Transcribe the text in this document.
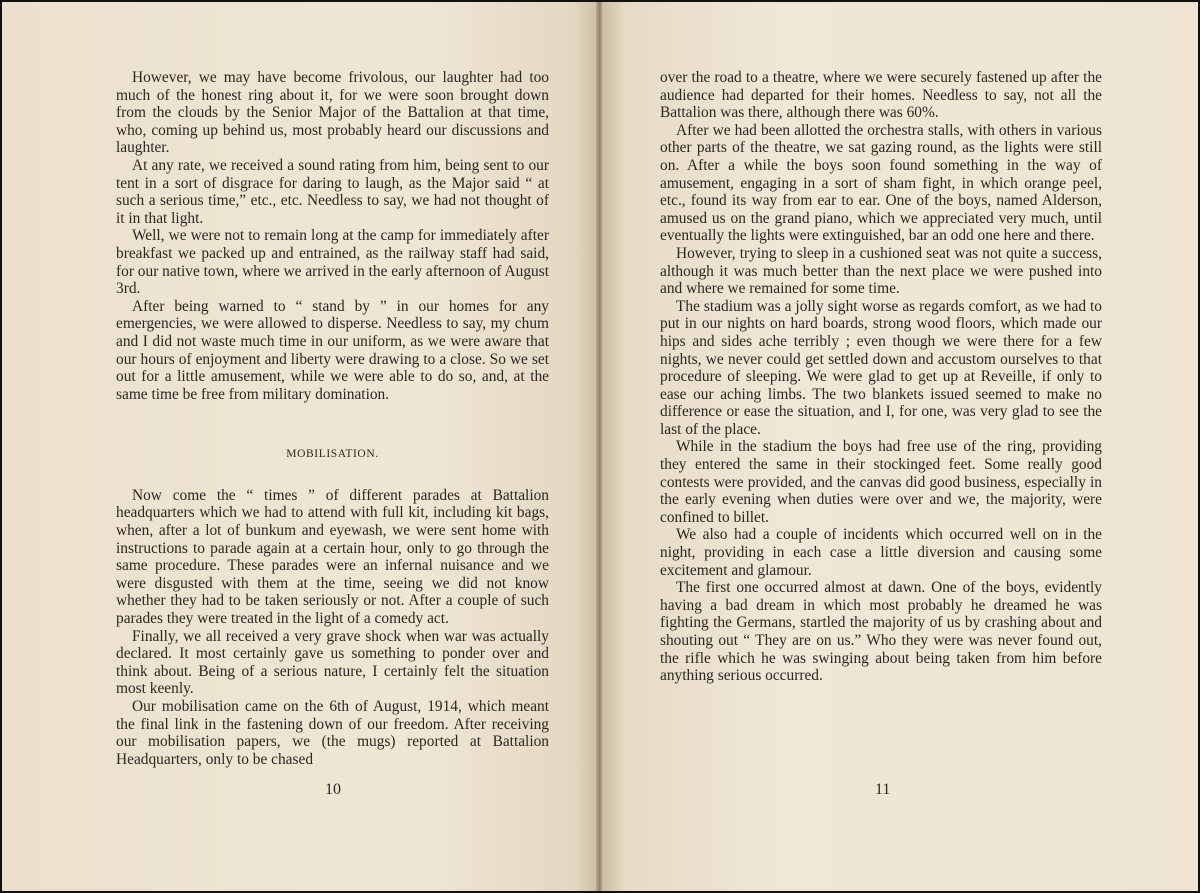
However, we may have become frivolous, our laughter had too much of the honest ring about it, for we were soon brought down from the clouds by the Senior Major of the Battalion at that time, who, coming up behind us, most probably heard our discussions and laughter.

At any rate, we received a sound rating from him, being sent to our tent in a sort of disgrace for daring to laugh, as the Major said “ at such a serious time,” etc., etc. Needless to say, we had not thought of it in that light.

Well, we were not to remain long at the camp for immediately after breakfast we packed up and entrained, as the railway staff had said, for our native town, where we arrived in the early afternoon of August 3rd.

After being warned to “ stand by ” in our homes for any emergencies, we were allowed to disperse. Needless to say, my chum and I did not waste much time in our uniform, as we were aware that our hours of enjoyment and liberty were drawing to a close. So we set out for a little amusement, while we were able to do so, and, at the same time be free from military domination.

MOBILISATION.

Now come the “ times ” of different parades at Battalion headquarters which we had to attend with full kit, including kit bags, when, after a lot of bunkum and eyewash, we were sent home with instructions to parade again at a certain hour, only to go through the same procedure. These parades were an infernal nuisance and we were disgusted with them at the time, seeing we did not know whether they had to be taken seriously or not. After a couple of such parades they were treated in the light of a comedy act.

Finally, we all received a very grave shock when war was actually declared. It most certainly gave us something to ponder over and think about. Being of a serious nature, I certainly felt the situation most keenly.

Our mobilisation came on the 6th of August, 1914, which meant the final link in the fastening down of our freedom. After receiving our mobilisation papers, we (the mugs) reported at Battalion Headquarters, only to be chased

10

over the road to a theatre, where we were securely fastened up after the audience had departed for their homes. Needless to say, not all the Battalion was there, although there was 60%.

After we had been allotted the orchestra stalls, with others in various other parts of the theatre, we sat gazing round, as the lights were still on. After a while the boys soon found something in the way of amusement, engaging in a sort of sham fight, in which orange peel, etc., found its way from ear to ear. One of the boys, named Alderson, amused us on the grand piano, which we appreciated very much, until eventually the lights were extinguished, bar an odd one here and there.

However, trying to sleep in a cushioned seat was not quite a success, although it was much better than the next place we were pushed into and where we remained for some time.

The stadium was a jolly sight worse as regards comfort, as we had to put in our nights on hard boards, strong wood floors, which made our hips and sides ache terribly ; even though we were there for a few nights, we never could get settled down and accustom ourselves to that procedure of sleeping. We were glad to get up at Reveille, if only to ease our aching limbs. The two blankets issued seemed to make no difference or ease the situation, and I, for one, was very glad to see the last of the place.

While in the stadium the boys had free use of the ring, providing they entered the same in their stockinged feet. Some really good contests were provided, and the canvas did good business, especially in the early evening when duties were over and we, the majority, were confined to billet.

We also had a couple of incidents which occurred well on in the night, providing in each case a little diversion and causing some excitement and glamour.

The first one occurred almost at dawn. One of the boys, evidently having a bad dream in which most probably he dreamed he was fighting the Germans, startled the majority of us by crashing about and shouting out “ They are on us.” Who they were was never found out, the rifle which he was swinging about being taken from him before anything serious occurred.

11
